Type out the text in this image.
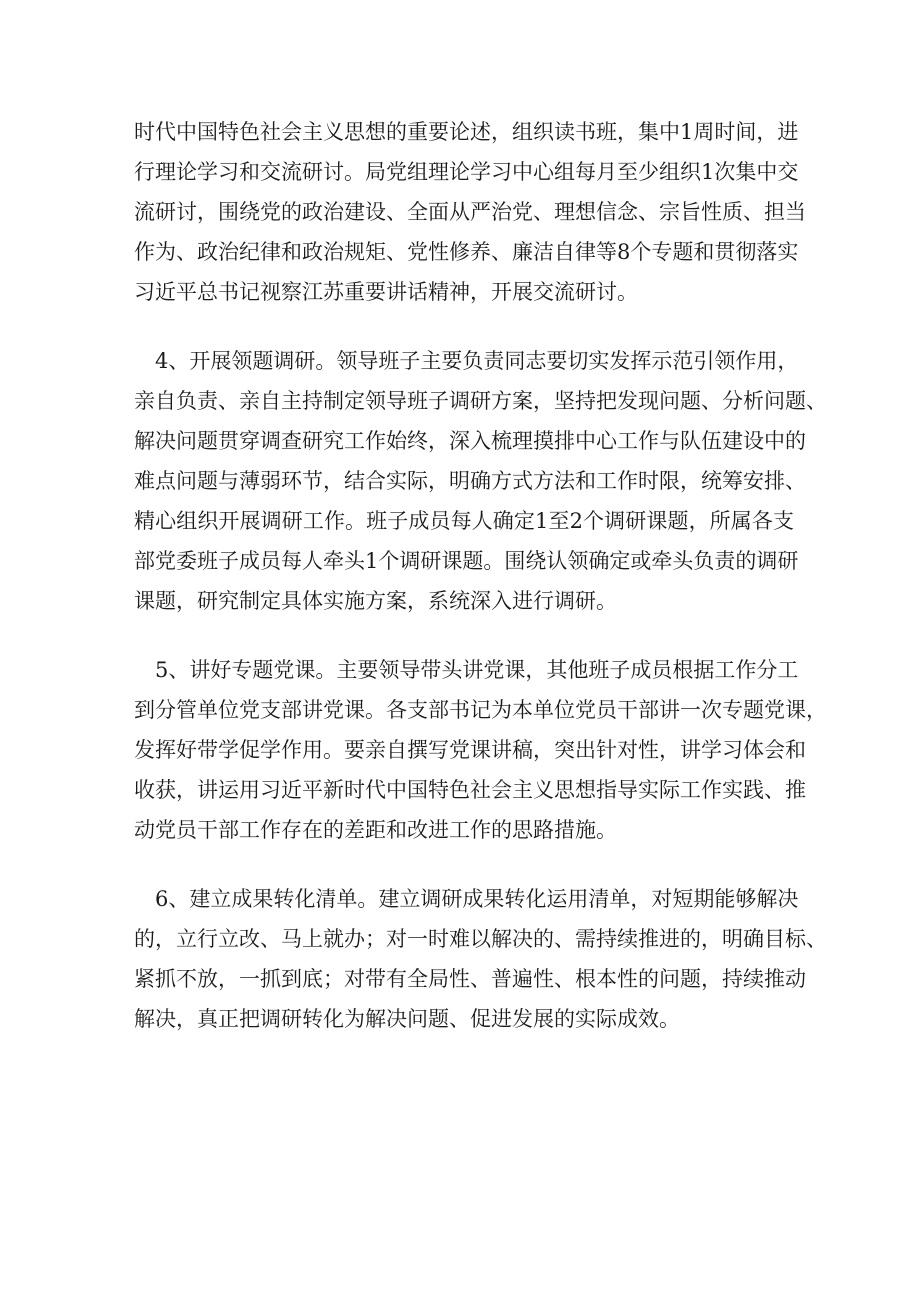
时代中国特色社会主义思想的重要论述，组织读书班，集中1周时间，进
行理论学习和交流研讨。局党组理论学习中心组每月至少组织1次集中交
流研讨，围绕党的政治建设、全面从严治党、理想信念、宗旨性质、担当
作为、政治纪律和政治规矩、党性修养、廉洁自律等8个专题和贯彻落实
习近平总书记视察江苏重要讲话精神，开展交流研讨。
　4、开展领题调研。领导班子主要负责同志要切实发挥示范引领作用，
亲自负责、亲自主持制定领导班子调研方案，坚持把发现问题、分析问题、
解决问题贯穿调查研究工作始终，深入梳理摸排中心工作与队伍建设中的
难点问题与薄弱环节，结合实际，明确方式方法和工作时限，统筹安排、
精心组织开展调研工作。班子成员每人确定1至2个调研课题，所属各支
部党委班子成员每人牵头1个调研课题。围绕认领确定或牵头负责的调研
课题，研究制定具体实施方案，系统深入进行调研。
　5、讲好专题党课。主要领导带头讲党课，其他班子成员根据工作分工
到分管单位党支部讲党课。各支部书记为本单位党员干部讲一次专题党课，
发挥好带学促学作用。要亲自撰写党课讲稿，突出针对性，讲学习体会和
收获，讲运用习近平新时代中国特色社会主义思想指导实际工作实践、推
动党员干部工作存在的差距和改进工作的思路措施。
　6、建立成果转化清单。建立调研成果转化运用清单，对短期能够解决
的，立行立改、马上就办；对一时难以解决的、需持续推进的，明确目标、
紧抓不放，一抓到底；对带有全局性、普遍性、根本性的问题，持续推动
解决，真正把调研转化为解决问题、促进发展的实际成效。
